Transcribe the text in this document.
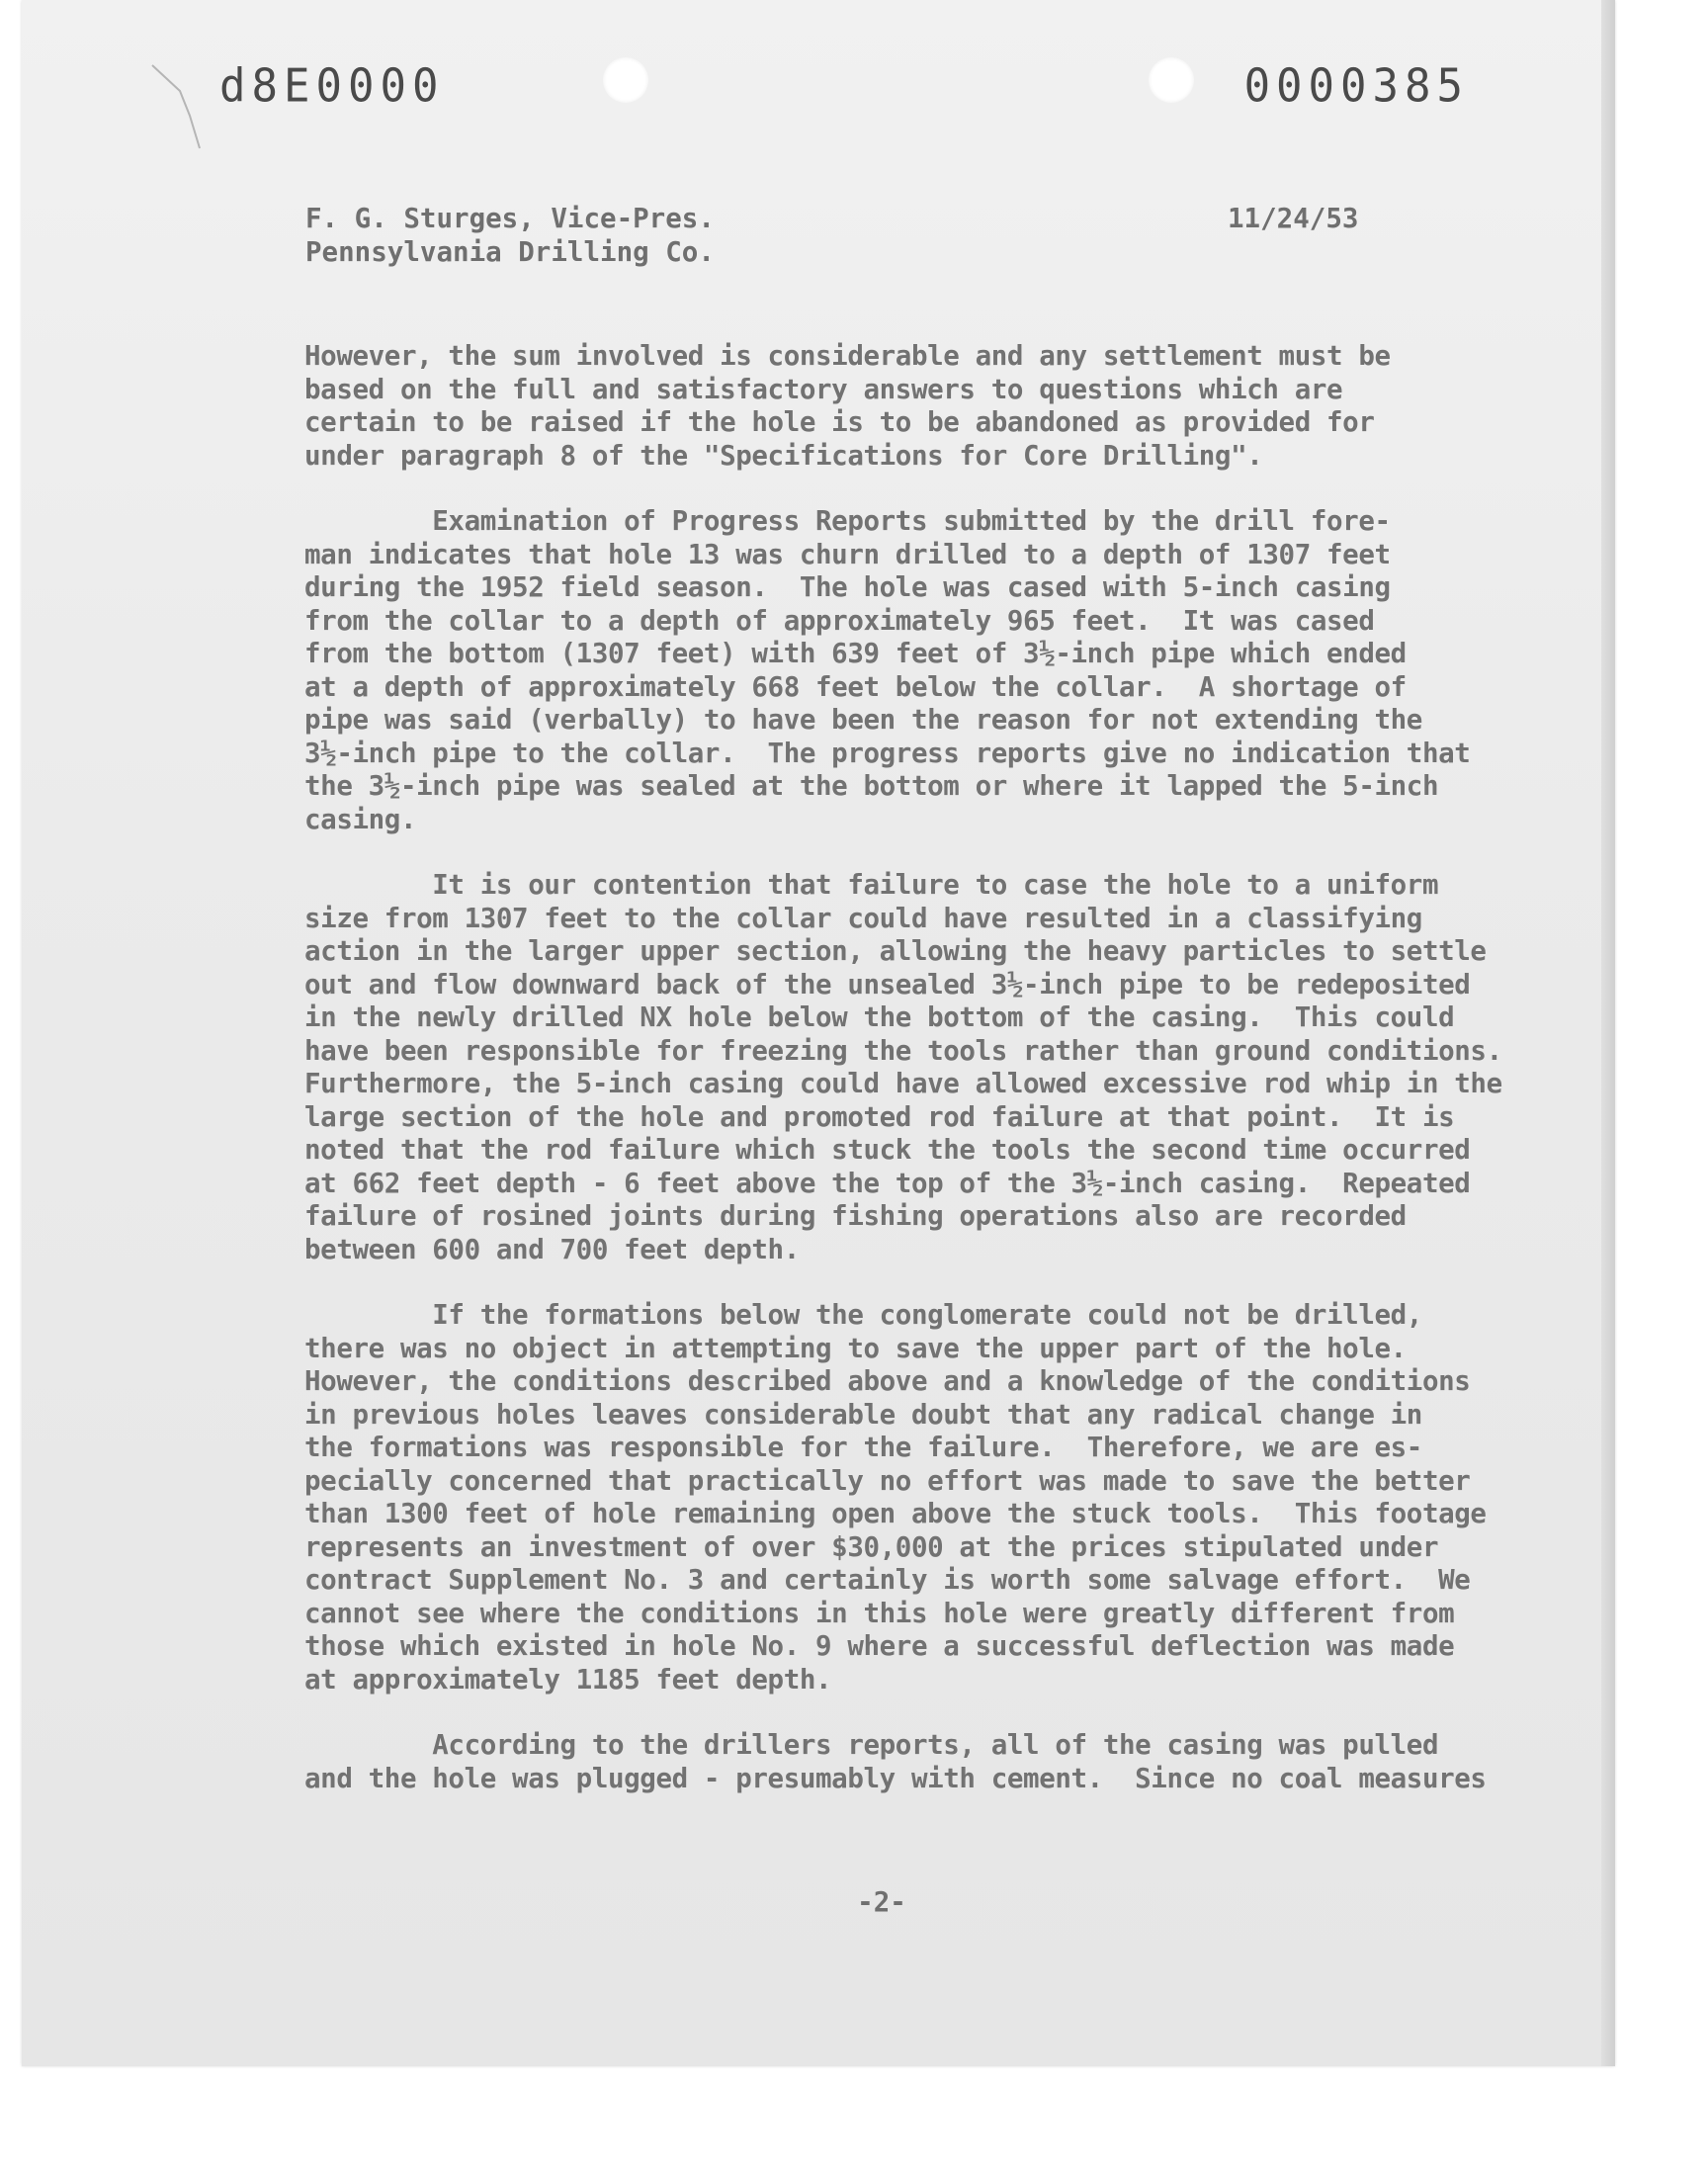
d8E0000	0000385
F. G. Sturges, Vice-Pres.
Pennsylvania Drilling Co.
11/24/53
However, the sum involved is considerable and any settlement must be
based on the full and satisfactory answers to questions which are
certain to be raised if the hole is to be abandoned as provided for
under paragraph 8 of the "Specifications for Core Drilling".
Examination of Progress Reports submitted by the drill fore-
man indicates that hole 13 was churn drilled to a depth of 1307 feet
during the 1952 field season.  The hole was cased with 5-inch casing
from the collar to a depth of approximately 965 feet.  It was cased
from the bottom (1307 feet) with 639 feet of 3½-inch pipe which ended
at a depth of approximately 668 feet below the collar.  A shortage of
pipe was said (verbally) to have been the reason for not extending the
3½-inch pipe to the collar.  The progress reports give no indication that
the 3½-inch pipe was sealed at the bottom or where it lapped the 5-inch
casing.
It is our contention that failure to case the hole to a uniform
size from 1307 feet to the collar could have resulted in a classifying
action in the larger upper section, allowing the heavy particles to settle
out and flow downward back of the unsealed 3½-inch pipe to be redeposited
in the newly drilled NX hole below the bottom of the casing.  This could
have been responsible for freezing the tools rather than ground conditions.
Furthermore, the 5-inch casing could have allowed excessive rod whip in the
large section of the hole and promoted rod failure at that point.  It is
noted that the rod failure which stuck the tools the second time occurred
at 662 feet depth - 6 feet above the top of the 3½-inch casing.  Repeated
failure of rosined joints during fishing operations also are recorded
between 600 and 700 feet depth.
If the formations below the conglomerate could not be drilled,
there was no object in attempting to save the upper part of the hole.
However, the conditions described above and a knowledge of the conditions
in previous holes leaves considerable doubt that any radical change in
the formations was responsible for the failure.  Therefore, we are es-
pecially concerned that practically no effort was made to save the better
than 1300 feet of hole remaining open above the stuck tools.  This footage
represents an investment of over $30,000 at the prices stipulated under
contract Supplement No. 3 and certainly is worth some salvage effort.  We
cannot see where the conditions in this hole were greatly different from
those which existed in hole No. 9 where a successful deflection was made
at approximately 1185 feet depth.
According to the drillers reports, all of the casing was pulled
and the hole was plugged - presumably with cement.  Since no coal measures
-2-
